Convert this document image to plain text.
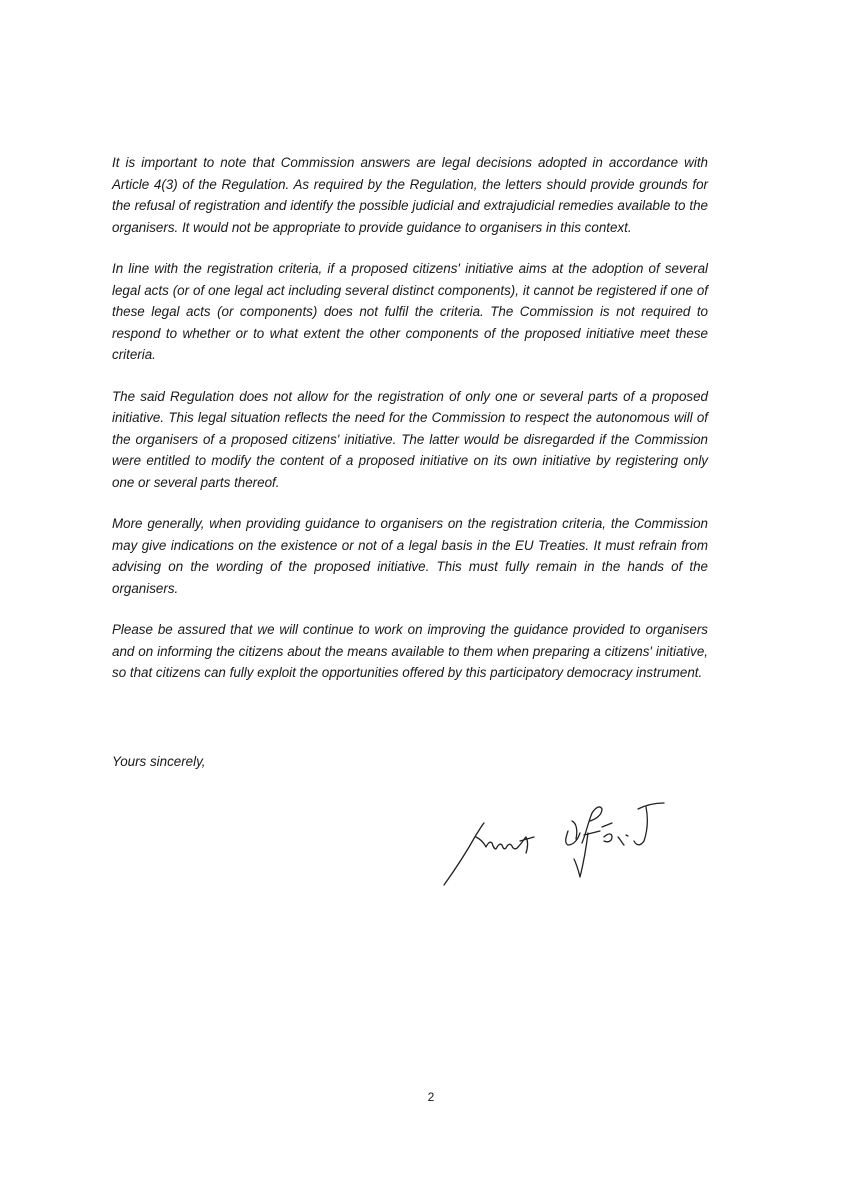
It is important to note that Commission answers are legal decisions adopted in accordance with Article 4(3) of the Regulation. As required by the Regulation, the letters should provide grounds for the refusal of registration and identify the possible judicial and extrajudicial remedies available to the organisers. It would not be appropriate to provide guidance to organisers in this context.

In line with the registration criteria, if a proposed citizens' initiative aims at the adoption of several legal acts (or of one legal act including several distinct components), it cannot be registered if one of these legal acts (or components) does not fulfil the criteria. The Commission is not required to respond to whether or to what extent the other components of the proposed initiative meet these criteria.

The said Regulation does not allow for the registration of only one or several parts of a proposed initiative. This legal situation reflects the need for the Commission to respect the autonomous will of the organisers of a proposed citizens' initiative. The latter would be disregarded if the Commission were entitled to modify the content of a proposed initiative on its own initiative by registering only one or several parts thereof.

More generally, when providing guidance to organisers on the registration criteria, the Commission may give indications on the existence or not of a legal basis in the EU Treaties. It must refrain from advising on the wording of the proposed initiative. This must fully remain in the hands of the organisers.

Please be assured that we will continue to work on improving the guidance provided to organisers and on informing the citizens about the means available to them when preparing a citizens' initiative, so that citizens can fully exploit the opportunities offered by this participatory democracy instrument.

Yours sincerely,

2
